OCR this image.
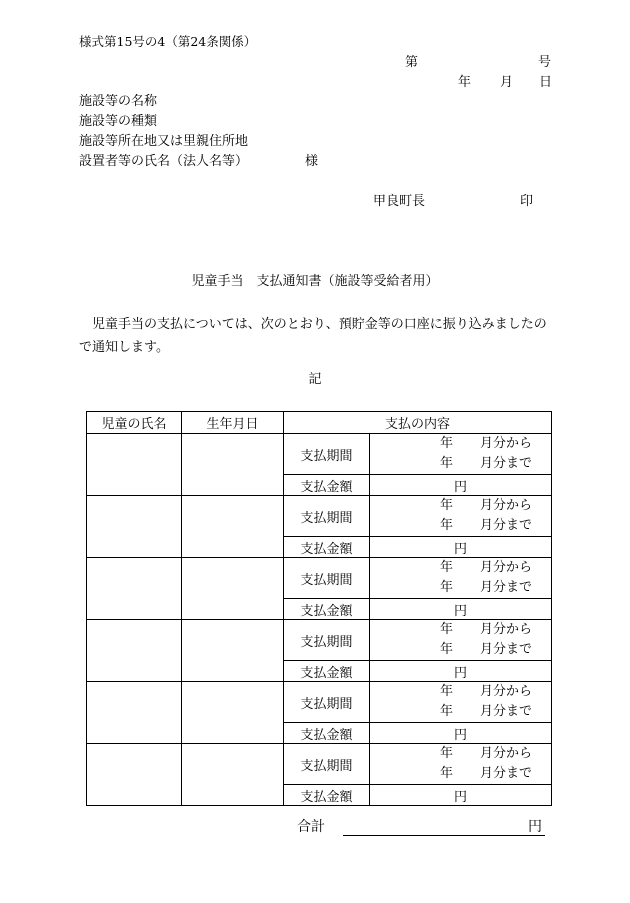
様式第15号の4（第24条関係）
第	号
年 月 日
施設等の名称
施設等の種類
施設等所在地又は里親住所地
設置者等の氏名（法人名等）	様
甲良町長	印
児童手当　支払通知書（施設等受給者用）
児童手当の支払については、次のとおり、預貯金等の口座に振り込みましたので通知します。
記
児童の氏名	生年月日	支払の内容	
		支払期間	年 月分から
年 月分まで

		支払金額	円
		支払期間	年 月分から
年 月分まで

		支払金額	円
		支払期間	年 月分から
年 月分まで

		支払金額	円
		支払期間	年 月分から
年 月分まで

		支払金額	円
		支払期間	年 月分から
年 月分まで

		支払金額	円
		支払期間	年 月分から
年 月分まで

		支払金額	円
合計	円
